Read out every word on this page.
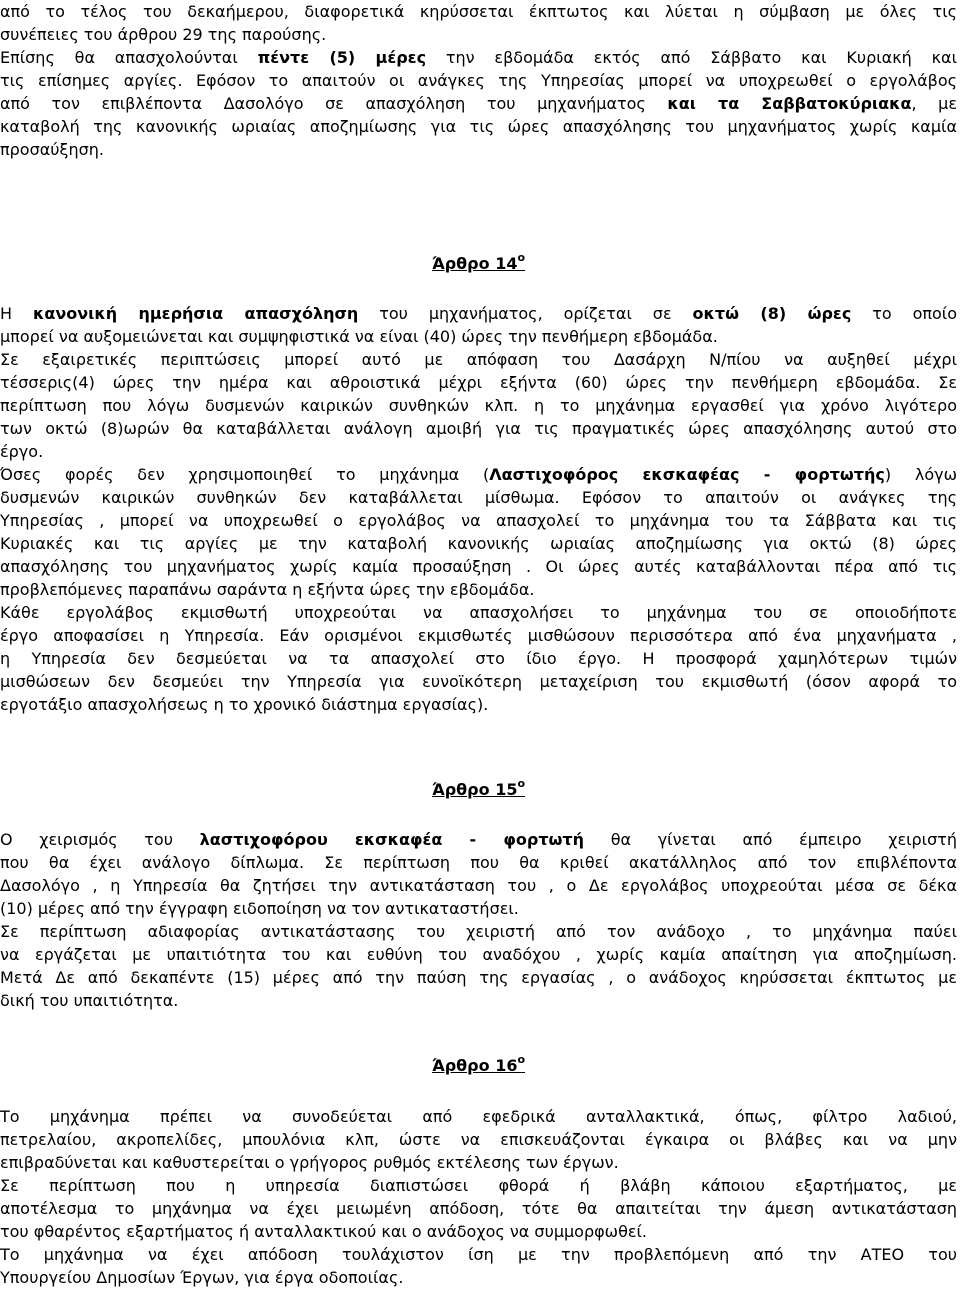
από το τέλος του δεκαήμερου, διαφορετικά κηρύσσεται έκπτωτος και λύεται η σύμβαση με όλες τις
συνέπειες του άρθρου 29 της παρούσης.
Επίσης θα απασχολούνται πέντε (5) μέρες την εβδομάδα εκτός από Σάββατο και Κυριακή και
τις επίσημες αργίες. Εφόσον το απαιτούν οι ανάγκες της Υπηρεσίας μπορεί να υποχρεωθεί ο εργολάβος
από τον επιβλέποντα Δασολόγο σε απασχόληση του μηχανήματος και τα Σαββατοκύριακα, με
καταβολή της κανονικής ωριαίας αποζημίωσης για τις ώρες απασχόλησης του μηχανήματος χωρίς καμία
προσαύξηση.
Άρθρο $14^o$
Η κανονική ημερήσια απασχόληση του μηχανήματος, ορίζεται σε οκτώ (8) ώρες το οποίο
μπορεί να αυξομειώνεται και συμψηφιστικά να είναι (40) ώρες την πενθήμερη εβδομάδα.
Σε εξαιρετικές περιπτώσεις μπορεί αυτό με απόφαση του Δασάρχη Ν/πίου να αυξηθεί μέχρι
τέσσερις(4) ώρες την ημέρα και αθροιστικά μέχρι εξήντα (60) ώρες την πενθήμερη εβδομάδα. Σε
περίπτωση που λόγω δυσμενών καιρικών συνθηκών κλπ. η το μηχάνημα εργασθεί για χρόνο λιγότερο
των οκτώ (8)ωρών θα καταβάλλεται ανάλογη αμοιβή για τις πραγματικές ώρες απασχόλησης αυτού στο
έργο.
Όσες φορές δεν χρησιμοποιηθεί το μηχάνημα (Λαστιχοφόρος εκσκαφέας - φορτωτής) λόγω
δυσμενών καιρικών συνθηκών δεν καταβάλλεται μίσθωμα. Εφόσον το απαιτούν οι ανάγκες της
Υπηρεσίας , μπορεί να υποχρεωθεί ο εργολάβος να απασχολεί το μηχάνημα του τα Σάββατα και τις
Κυριακές και τις αργίες με την καταβολή κανονικής ωριαίας αποζημίωσης για οκτώ (8) ώρες
απασχόλησης του μηχανήματος χωρίς καμία προσαύξηση . Οι ώρες αυτές καταβάλλονται πέρα από τις
προβλεπόμενες παραπάνω σαράντα η εξήντα ώρες την εβδομάδα.
Κάθε εργολάβος εκμισθωτή υποχρεούται να απασχολήσει το μηχάνημα του σε οποιοδήποτε
έργο αποφασίσει η Υπηρεσία. Εάν ορισμένοι εκμισθωτές μισθώσουν περισσότερα από ένα μηχανήματα ,
η Υπηρεσία δεν δεσμεύεται να τα απασχολεί στο ίδιο έργο. Η προσφορά χαμηλότερων τιμών
μισθώσεων δεν δεσμεύει την Υπηρεσία για ευνοϊκότερη μεταχείριση του εκμισθωτή (όσον αφορά το
εργοτάξιο απασχολήσεως η το χρονικό διάστημα εργασίας).
Άρθρο $15^o$
Ο χειρισμός του λαστιχοφόρου εκσκαφέα - φορτωτή θα γίνεται από έμπειρο χειριστή
που θα έχει ανάλογο δίπλωμα. Σε περίπτωση που θα κριθεί ακατάλληλος από τον επιβλέποντα
Δασολόγο , η Υπηρεσία θα ζητήσει την αντικατάσταση του , ο Δε εργολάβος υποχρεούται μέσα σε δέκα
(10) μέρες από την έγγραφη ειδοποίηση να τον αντικαταστήσει.
Σε περίπτωση αδιαφορίας αντικατάστασης του χειριστή από τον ανάδοχο , το μηχάνημα παύει
να εργάζεται με υπαιτιότητα του και ευθύνη του αναδόχου , χωρίς καμία απαίτηση για αποζημίωση.
Μετά Δε από δεκαπέντε (15) μέρες από την παύση της εργασίας , ο ανάδοχος κηρύσσεται έκπτωτος με
δική του υπαιτιότητα.
Άρθρο $16^o$
Το μηχάνημα πρέπει να συνοδεύεται από εφεδρικά ανταλλακτικά, όπως, φίλτρο λαδιού,
πετρελαίου, ακροπελίδες, μπουλόνια κλπ, ώστε να επισκευάζονται έγκαιρα οι βλάβες και να μην
επιβραδύνεται και καθυστερείται ο γρήγορος ρυθμός εκτέλεσης των έργων.
Σε περίπτωση που η υπηρεσία διαπιστώσει φθορά ή βλάβη κάποιου εξαρτήματος, με
αποτέλεσμα το μηχάνημα να έχει μειωμένη απόδοση, τότε θα απαιτείται την άμεση αντικατάσταση
του φθαρέντος εξαρτήματος ή ανταλλακτικού και ο ανάδοχος να συμμορφωθεί.
Το μηχάνημα να έχει απόδοση τουλάχιστον ίση με την προβλεπόμενη από την ΑΤΕΟ του
Υπουργείου Δημοσίων Έργων, για έργα οδοποιίας.
